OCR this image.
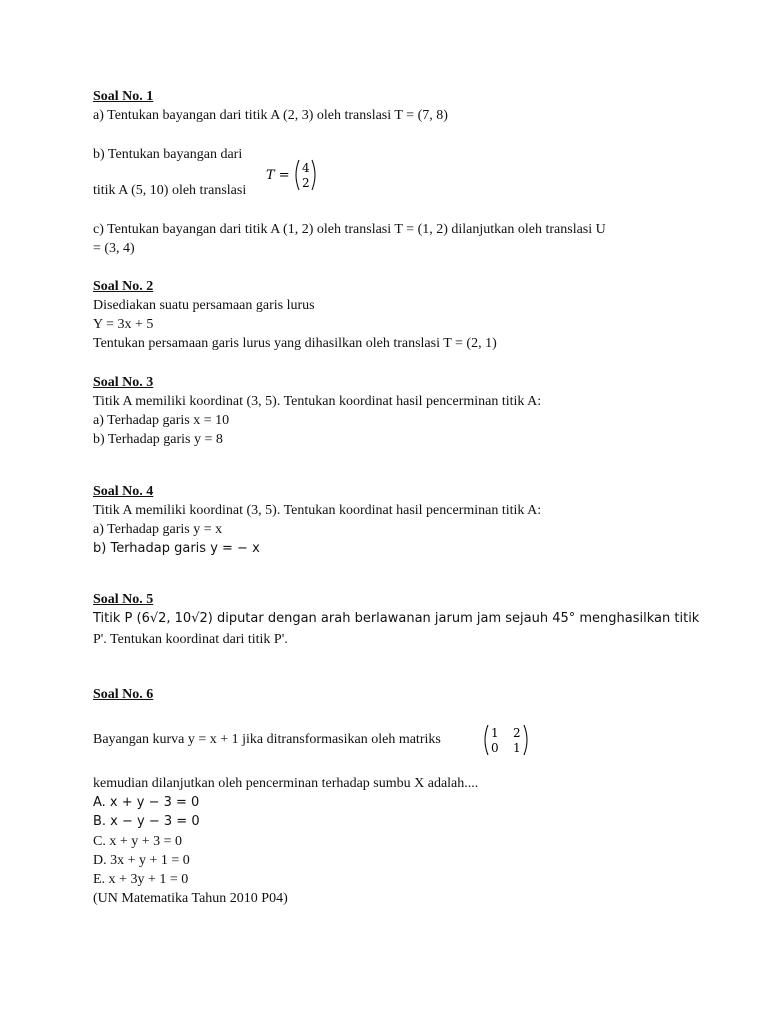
Soal No. 1
a) Tentukan bayangan dari titik A (2, 3) oleh translasi T = (7, 8)
b) Tentukan bayangan dari
T = 4
2
titik A (5, 10) oleh translasi
c) Tentukan bayangan dari titik A (1, 2) oleh translasi T = (1, 2) dilanjutkan oleh translasi U
= (3, 4)
Soal No. 2
Disediakan suatu persamaan garis lurus
Y = 3x + 5
Tentukan persamaan garis lurus yang dihasilkan oleh translasi T = (2, 1)
Soal No. 3
Titik A memiliki koordinat (3, 5). Tentukan koordinat hasil pencerminan titik A:
a) Terhadap garis x = 10
b) Terhadap garis y = 8
Soal No. 4
Titik A memiliki koordinat (3, 5). Tentukan koordinat hasil pencerminan titik A:
a) Terhadap garis y = x
b) Terhadap garis y = − x
Soal No. 5
Titik P (6√2, 10√2) diputar dengan arah berlawanan jarum jam sejauh 45° menghasilkan titik
P'. Tentukan koordinat dari titik P'.
Soal No. 6
Bayangan kurva y = x + 1 jika ditransformasikan oleh matriks	1 2
0 1
kemudian dilanjutkan oleh pencerminan terhadap sumbu X adalah....
A. x + y − 3 = 0
B. x − y − 3 = 0
C. x + y + 3 = 0
D. 3x + y + 1 = 0
E. x + 3y + 1 = 0
(UN Matematika Tahun 2010 P04)
